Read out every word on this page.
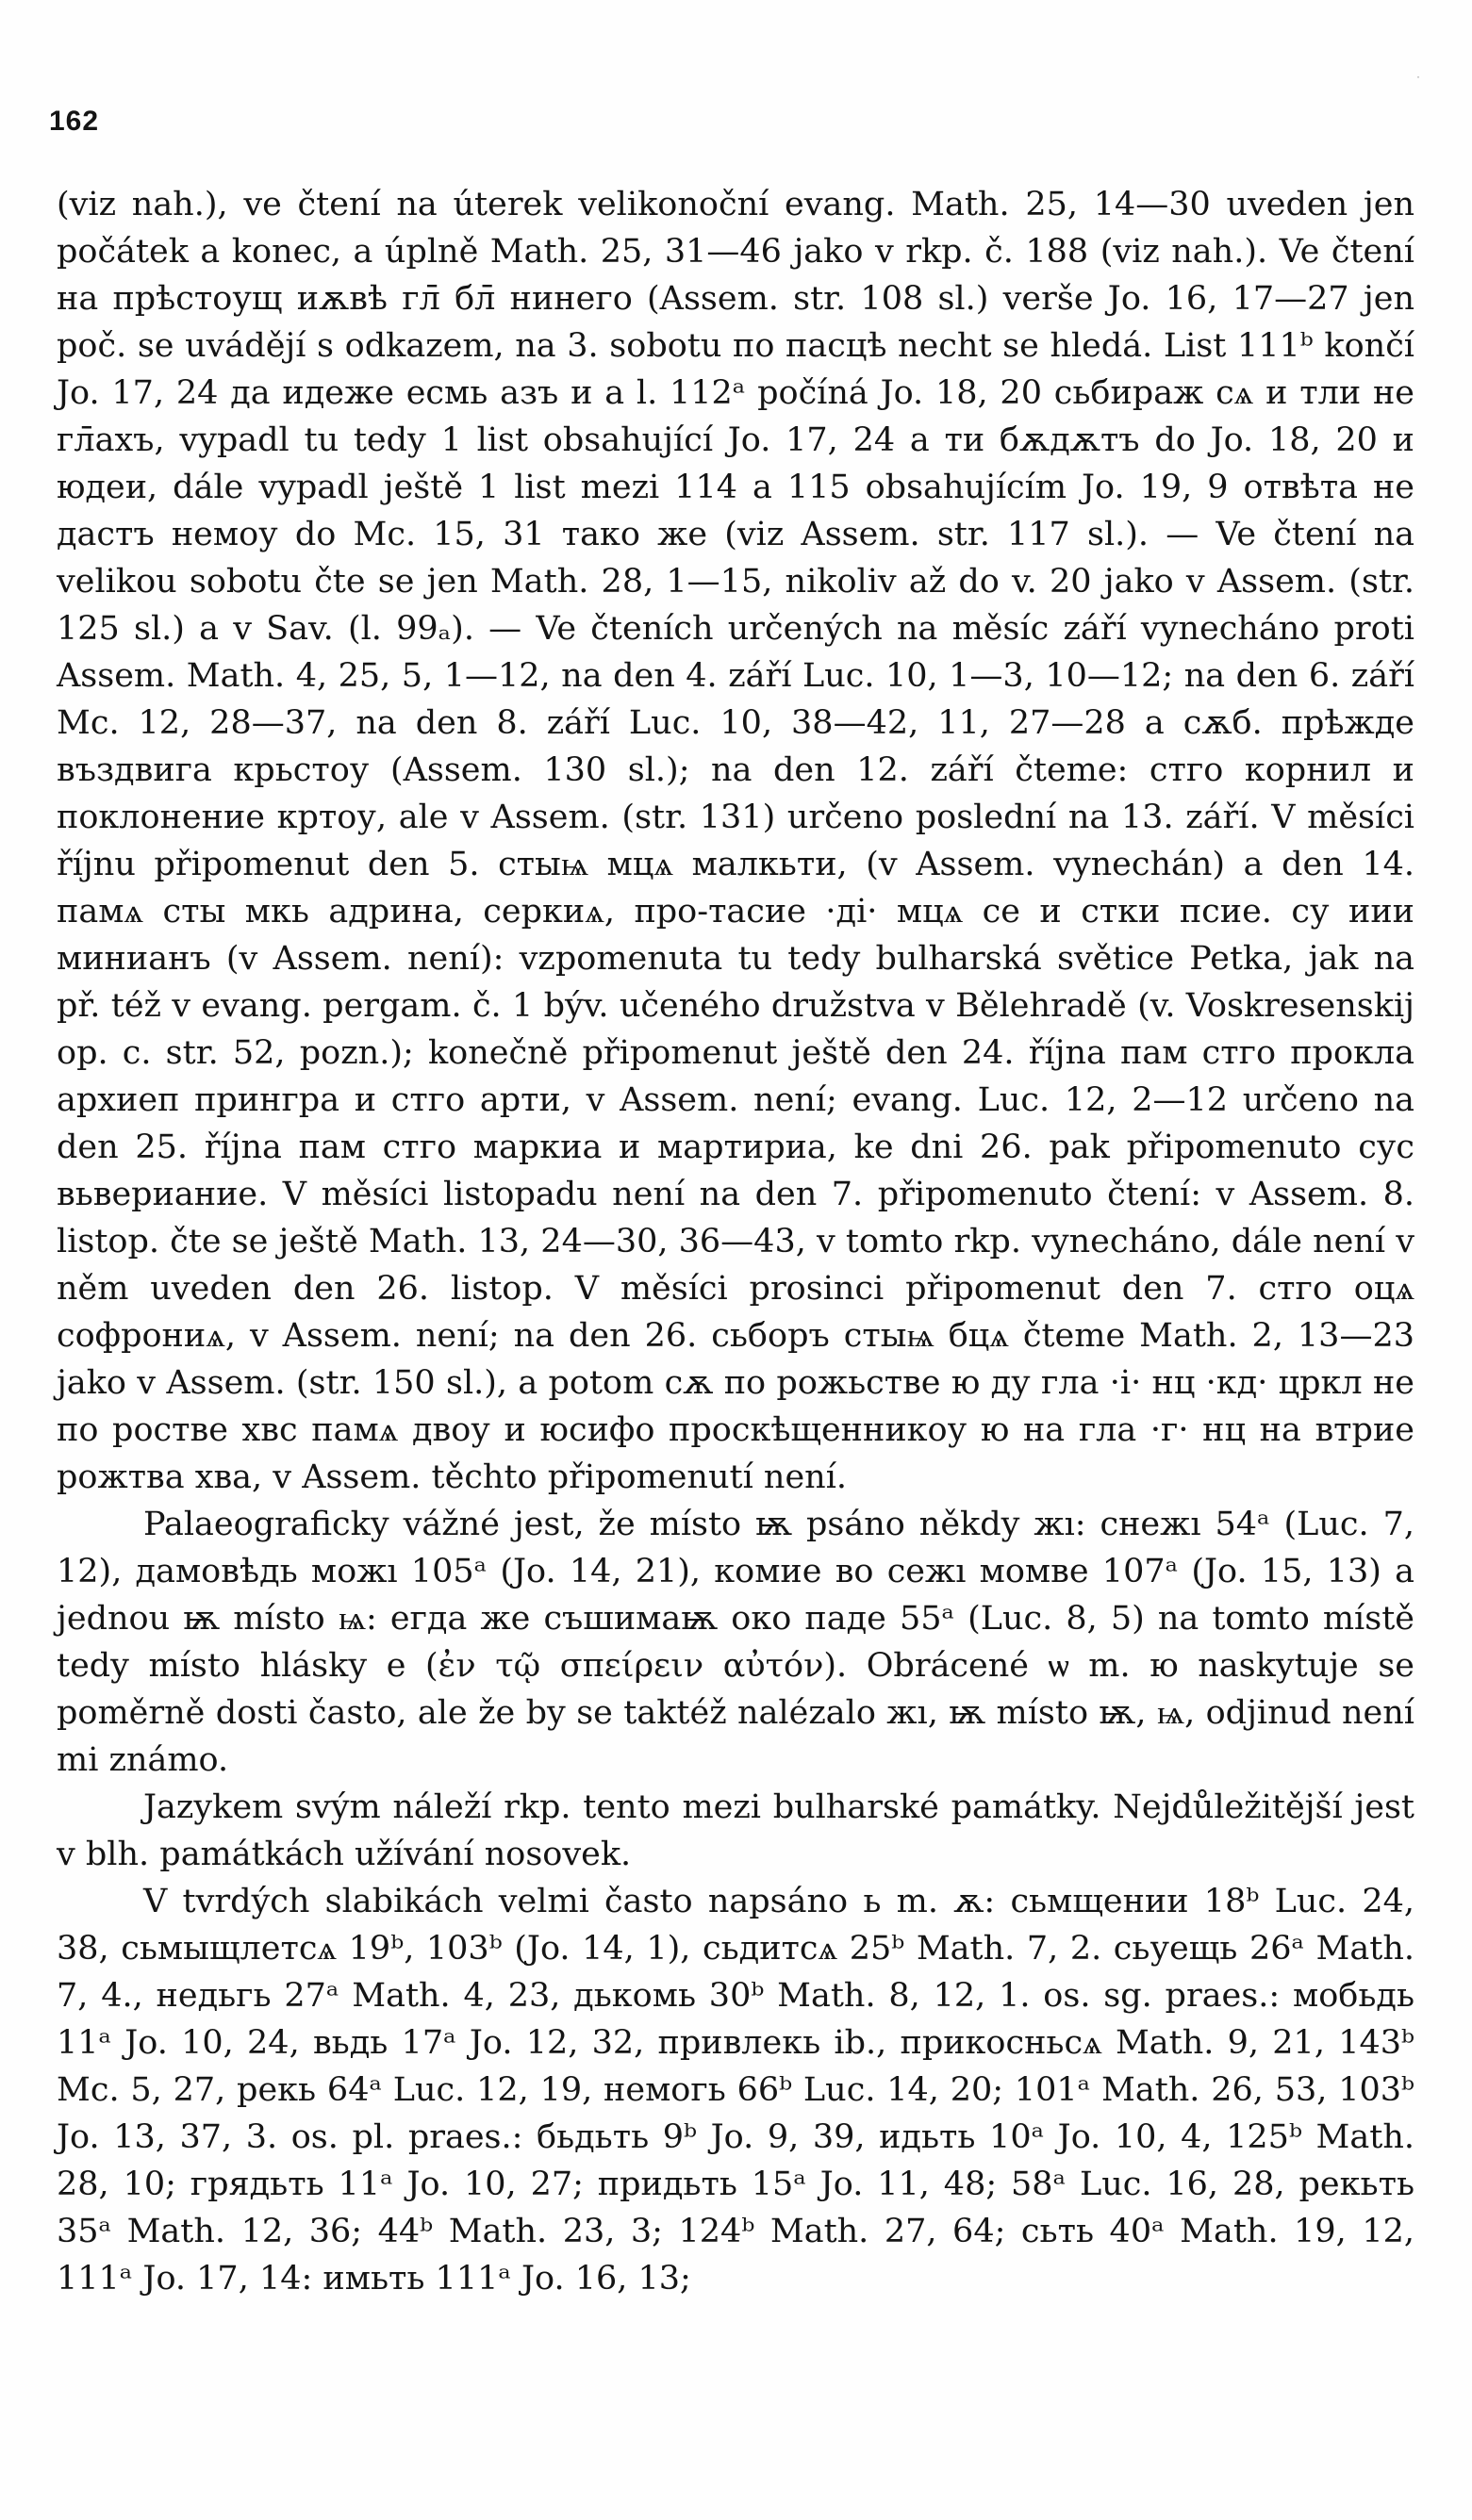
162
·

(viz nah.), ve čtení na úterek velikonoční evang. Math. 25, 14—30 uveden jen počátek a konec, a úplně Math. 25, 31—46 jako v rkp. č. 188 (viz nah.). Ve čtení на прѣстоущ иѫвѣ гл̄ бл̄ нинего (Assem. str. 108 sl.) verše Jo. 16, 17—27 jen poč. se uvádějí s odkazem, na 3. sobotu по пасцѣ necht se hledá. List 111ᵇ končí Jo. 17, 24 да идеже есмь азъ и a l. 112ᵃ počíná Jo. 18, 20 сьбирaж сѧ и тли не гл̄ахъ, vypadl tu tedy 1 list obsahující Jo. 17, 24 а ти бѫдѫтъ do Jo. 18, 20 и юдеи, dále vypadl ještě 1 list mezi 114 a 115 obsahujícím Jo. 19, 9 отвѣта не дастъ немоу do Mc. 15, 31 тако же (viz Assem. str. 117 sl.). — Ve čtení na velikou sobotu čte se jen Math. 28, 1—15, nikoliv až do v. 20 jako v Assem. (str. 125 sl.) a v Sav. (l. 99ₐ). — Ve čteních určených na měsíc září vynecháno proti Assem. Math. 4, 25, 5, 1—12, na den 4. září Luc. 10, 1—3, 10—12; na den 6. září Mc. 12, 28—37, na den 8. září Luc. 10, 38—42, 11, 27—28 a сѫб. прѣжде въздвига крьстоу (Assem. 130 sl.); na den 12. září čteme: стго корнил и поклонение кртоу, ale v Assem. (str. 131) určeno poslední na 13. září. V měsíci říjnu připomenut den 5. стыѩ мцѧ малкьти, (v Assem. vynechán) a den 14. памѧ сты мкь адрина, серкиѧ, про-тасие ·дi· мцѧ се и стки псие. су иии минианъ (v Assem. není): vzpomenuta tu tedy bulharská světice Petka, jak na př. též v evang. pergam. č. 1 býv. učeného družstva v Bělehradě (v. Voskresenskij op. c. str. 52, pozn.); konečně připomenut ještě den 24. října пам стго прокла архиеп прингра и стго арти, v Assem. není; evang. Luc. 12, 2—12 určeno na den 25. října пам стго маркиа и мартириа, ke dni 26. pak připomenuto сус вьвериание. V měsíci listopadu není na den 7. připomenuto čtení: v Assem. 8. listop. čte se ještě Math. 13, 24—30, 36—43, v tomto rkp. vynecháno, dále není v něm uveden den 26. listop. V měsíci prosinci připomenut den 7. стго оцѧ софрониѧ, v Assem. není; na den 26. сьборъ стыѩ бцѧ čteme Math. 2, 13—23 jako v Assem. (str. 150 sl.), a potom сѫ по рожьстве ю ду гла ·i· нц ·кд· цркл не по ростве хвс памѧ двоу и юсифо проскѣщенникоу ю на гла ·г· нц на втрие рожтва хва, v Assem. těchto připomenutí není.

Palaeograficky vážné jest, že místo ѭ psáno někdy жı: снежı 54ᵃ (Luc. 7, 12), дамовѣдь можı 105ᵃ (Jo. 14, 21), комие во сежı момве 107ᵃ (Jo. 15, 13) a jednou ѭ místo ѩ: егда же съшимаѭ око паде 55ᵃ (Luc. 8, 5) na tomto místě tedy místo hlásky е (ἐν τῷ σπείρειν αὐτόν). Obrácené ѡ m. ю naskytuje se poměrně dosti často, ale že by se taktéž nalézalo жı, ѭ místo ѭ, ѩ, odjinud není mi známo.

Jazykem svým náleží rkp. tento mezi bulharské památky. Nejdůležitější jest v blh. památkách užívání nosovek.

V tvrdých slabikách velmi často napsáno ь m. ѫ: сьмщении 18ᵇ Luc. 24, 38, сьмыщлетсѧ 19ᵇ, 103ᵇ (Jo. 14, 1), сьдитсѧ 25ᵇ Math. 7, 2. сьуещь 26ᵃ Math. 7, 4., недьгь 27ᵃ Math. 4, 23, дькомь 30ᵇ Math. 8, 12, 1. os. sg. praes.: мобьдь 11ᵃ Jo. 10, 24, вьдь 17ᵃ Jo. 12, 32, привлекь ib., прикосньсѧ Math. 9, 21, 143ᵇ Mc. 5, 27, рекь 64ᵃ Luc. 12, 19, немогь 66ᵇ Luc. 14, 20; 101ᵃ Math. 26, 53, 103ᵇ Jo. 13, 37, 3. os. pl. praes.: бьдьть 9ᵇ Jo. 9, 39, идьть 10ᵃ Jo. 10, 4, 125ᵇ Math. 28, 10; грядьть 11ᵃ Jo. 10, 27; придьть 15ᵃ Jo. 11, 48; 58ᵃ Luc. 16, 28, рекьть 35ᵃ Math. 12, 36; 44ᵇ Math. 23, 3; 124ᵇ Math. 27, 64; сьть 40ᵃ Math. 19, 12, 111ᵃ Jo. 17, 14: имьть 111ᵃ Jo. 16, 13;
